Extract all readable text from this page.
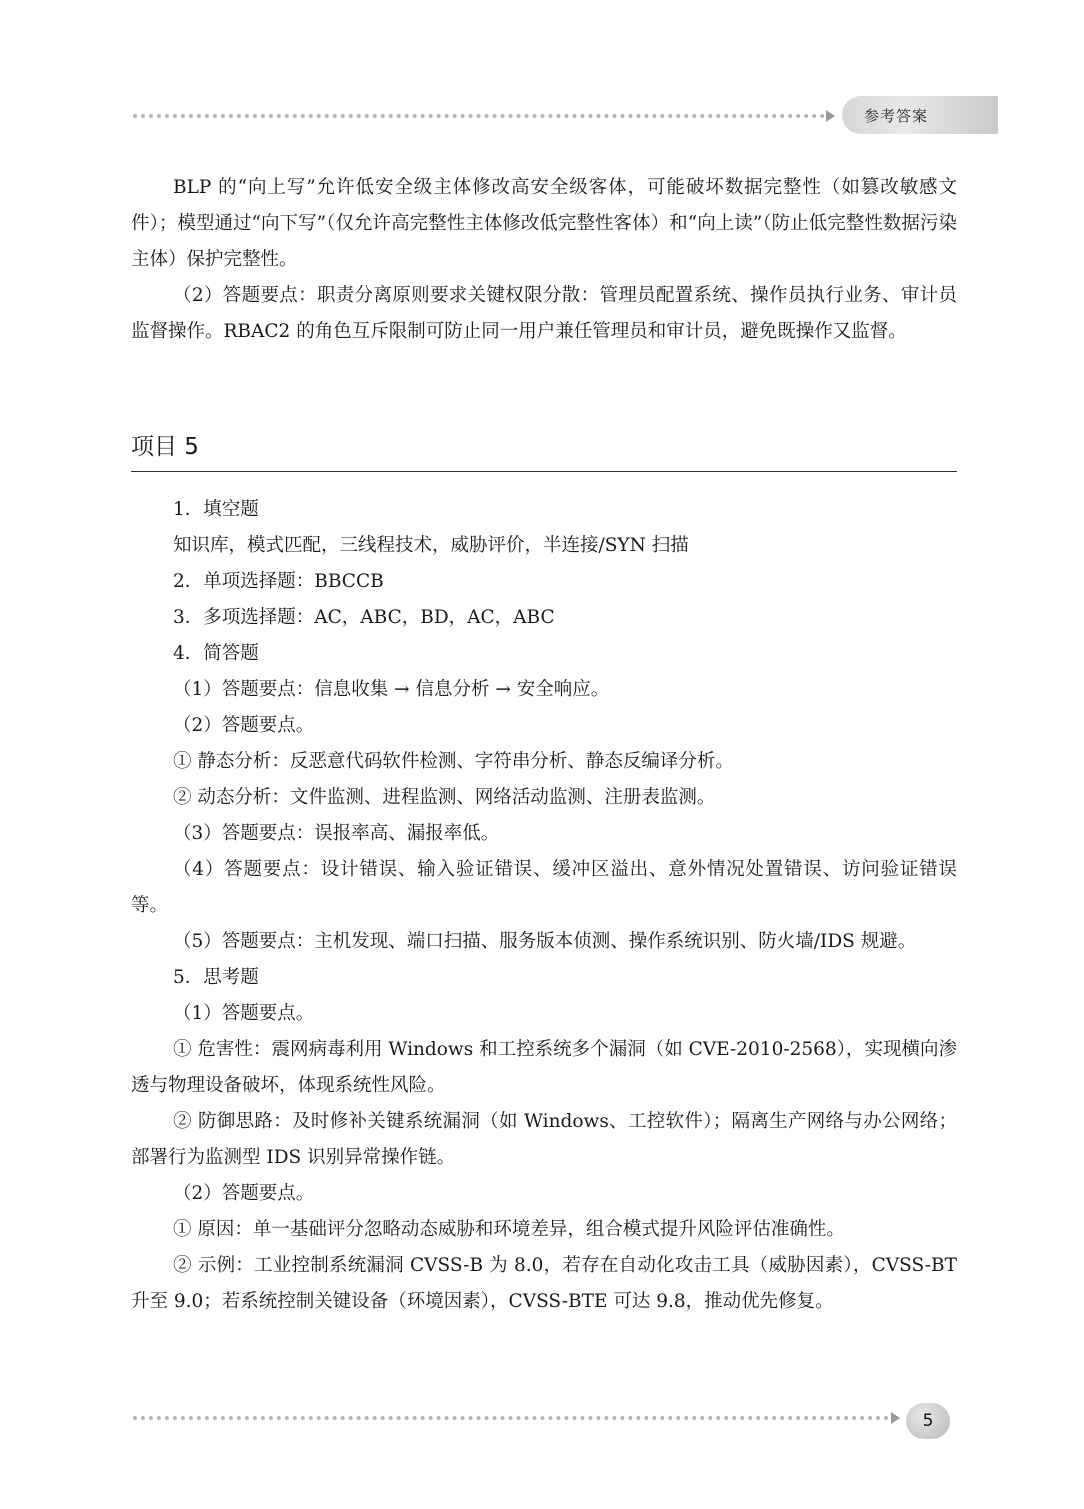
参考答案

BLP 的“向上写”允许低安全级主体修改高安全级客体，可能破坏数据完整性（如篡改敏感文件）；模型通过“向下写”（仅允许高完整性主体修改低完整性客体）和“向上读”（防止低完整性数据污染主体）保护完整性。

（2）答题要点：职责分离原则要求关键权限分散：管理员配置系统、操作员执行业务、审计员监督操作。RBAC2 的角色互斥限制可防止同一用户兼任管理员和审计员，避免既操作又监督。

项目 5

1．填空题

知识库，模式匹配，三线程技术，威胁评价，半连接/SYN 扫描

2．单项选择题：BBCCB

3．多项选择题：AC，ABC，BD，AC，ABC

4．简答题

（1）答题要点：信息收集 → 信息分析 → 安全响应。

（2）答题要点。

① 静态分析：反恶意代码软件检测、字符串分析、静态反编译分析。

② 动态分析：文件监测、进程监测、网络活动监测、注册表监测。

（3）答题要点：误报率高、漏报率低。

（4）答题要点：设计错误、输入验证错误、缓冲区溢出、意外情况处置错误、访问验证错误等。

（5）答题要点：主机发现、端口扫描、服务版本侦测、操作系统识别、防火墙/IDS 规避。

5．思考题

（1）答题要点。

① 危害性：震网病毒利用 Windows 和工控系统多个漏洞（如 CVE-2010-2568），实现横向渗透与物理设备破坏，体现系统性风险。

② 防御思路：及时修补关键系统漏洞（如 Windows、工控软件）；隔离生产网络与办公网络；部署行为监测型 IDS 识别异常操作链。

（2）答题要点。

① 原因：单一基础评分忽略动态威胁和环境差异，组合模式提升风险评估准确性。

② 示例：工业控制系统漏洞 CVSS-B 为 8.0，若存在自动化攻击工具（威胁因素），CVSS-BT 升至 9.0；若系统控制关键设备（环境因素），CVSS-BTE 可达 9.8，推动优先修复。

5
